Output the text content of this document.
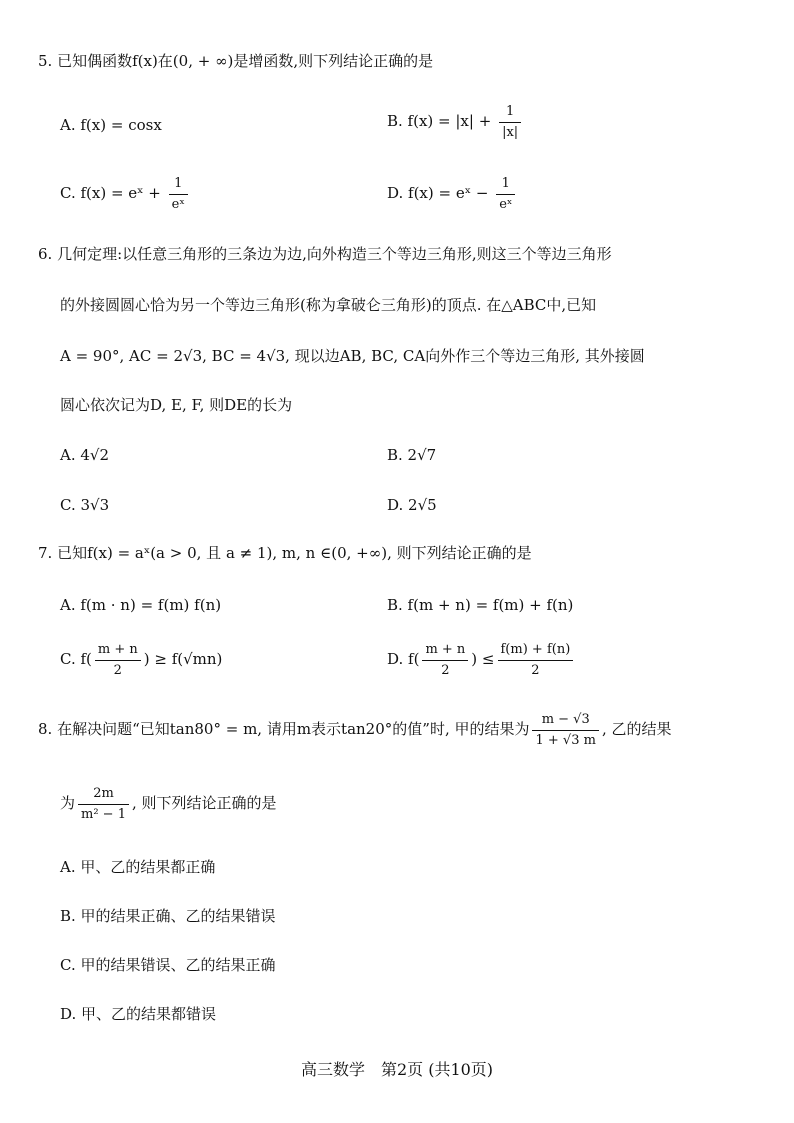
5. 已知偶函数f(x)在(0, + ∞)是增函数,则下列结论正确的是
A. f(x) = cosx	B. $f(x) = |x| + \frac{1}{|x|}$
C. f(x) = eˣ + $\frac{1}{\text{eˣ}}$	D. f(x) = eˣ − $\frac{1}{\text{eˣ}}$
6. 几何定理:以任意三角形的三条边为边,向外构造三个等边三角形,则这三个等边三角形
的外接圆圆心恰为另一个等边三角形(称为拿破仑三角形)的顶点. 在△ABC中,已知
A = 90°, AC = 2√3, BC = 4√3, 现以边AB, BC, CA向外作三个等边三角形, 其外接圆
圆心依次记为D, E, F, 则DE的长为
A. 4√2	B. 2√7
C. 3√3	D. 2√5
7. 已知f(x) = aˣ(a > 0, 且 a ≠ 1), m, n ∈(0, +∞), 则下列结论正确的是
A. f(m · n) = f(m) f(n)	B. f(m + n) = f(m) + f(n)
C. $f( \frac{m + n}{2}$ ) ≥ f(√mn)	D. $f( \frac{m + n}{2}$ ) ≤ $\frac{f(m) + f(n)}{2}$
8. 在解决问题“已知tan80° = m, 请用m表示tan20°的值”时, 甲的结果为 $\frac{m - √3}{1 + √3 m}$ , 乙的结果
为 $\frac{2m}{\text{m² − 1}}$ , 则下列结论正确的是
A. 甲、乙的结果都正确
B. 甲的结果正确、乙的结果错误
C. 甲的结果错误、乙的结果正确
D. 甲、乙的结果都错误
高三数学　第2页 (共10页)
